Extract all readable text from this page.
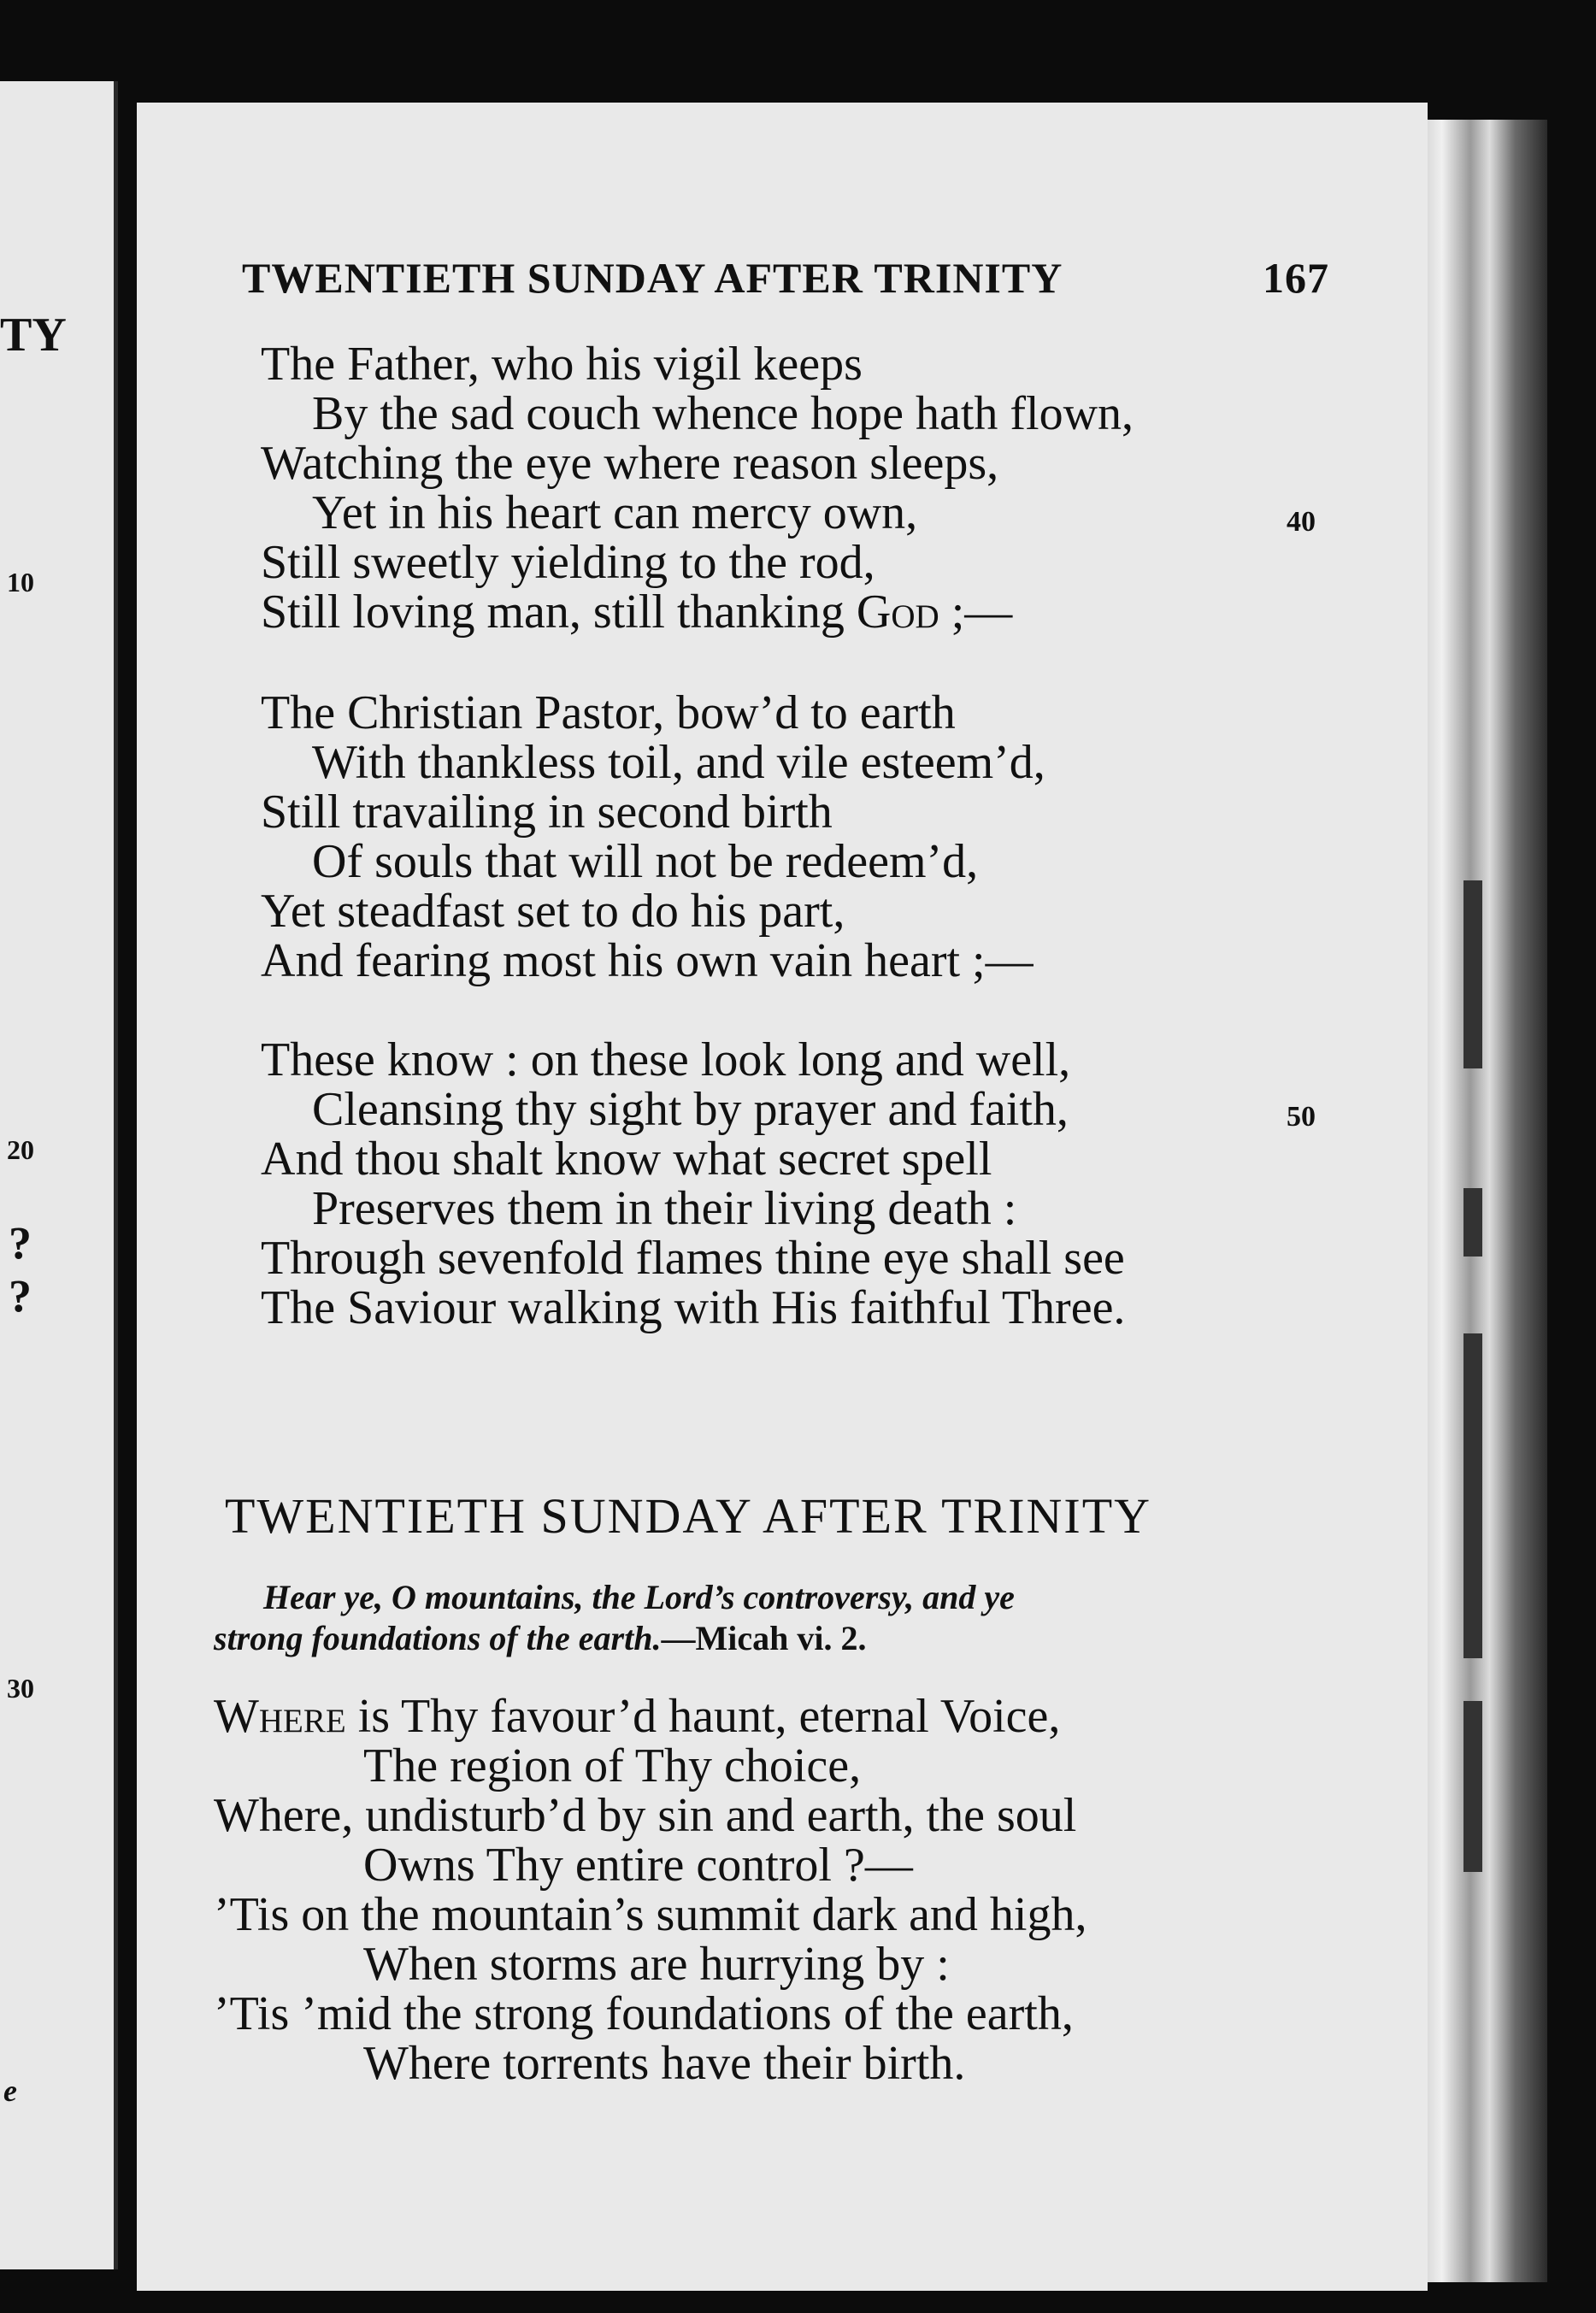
TY
10
20
?
?
30
e
TWENTIETH SUNDAY AFTER TRINITY	167
The Father, who his vigil keeps
By the sad couch whence hope hath flown,
Watching the eye where reason sleeps,
Yet in his heart can mercy own,	40
Still sweetly yielding to the rod,
Still loving man, still thanking God ;—
The Christian Pastor, bow’d to earth
With thankless toil, and vile esteem’d,
Still travailing in second birth
Of souls that will not be redeem’d,
Yet steadfast set to do his part,
And fearing most his own vain heart ;—
These know : on these look long and well,
Cleansing thy sight by prayer and faith,	50
And thou shalt know what secret spell
Preserves them in their living death :
Through sevenfold flames thine eye shall see
The Saviour walking with His faithful Three.
TWENTIETH SUNDAY AFTER TRINITY
Hear ye, O mountains, the Lord’s controversy, and ye
strong foundations of the earth.—Micah vi. 2.
Where is Thy favour’d haunt, eternal Voice,
The region of Thy choice,
Where, undisturb’d by sin and earth, the soul
Owns Thy entire control ?—
’Tis on the mountain’s summit dark and high,
When storms are hurrying by :
’Tis ’mid the strong foundations of the earth,
Where torrents have their birth.
